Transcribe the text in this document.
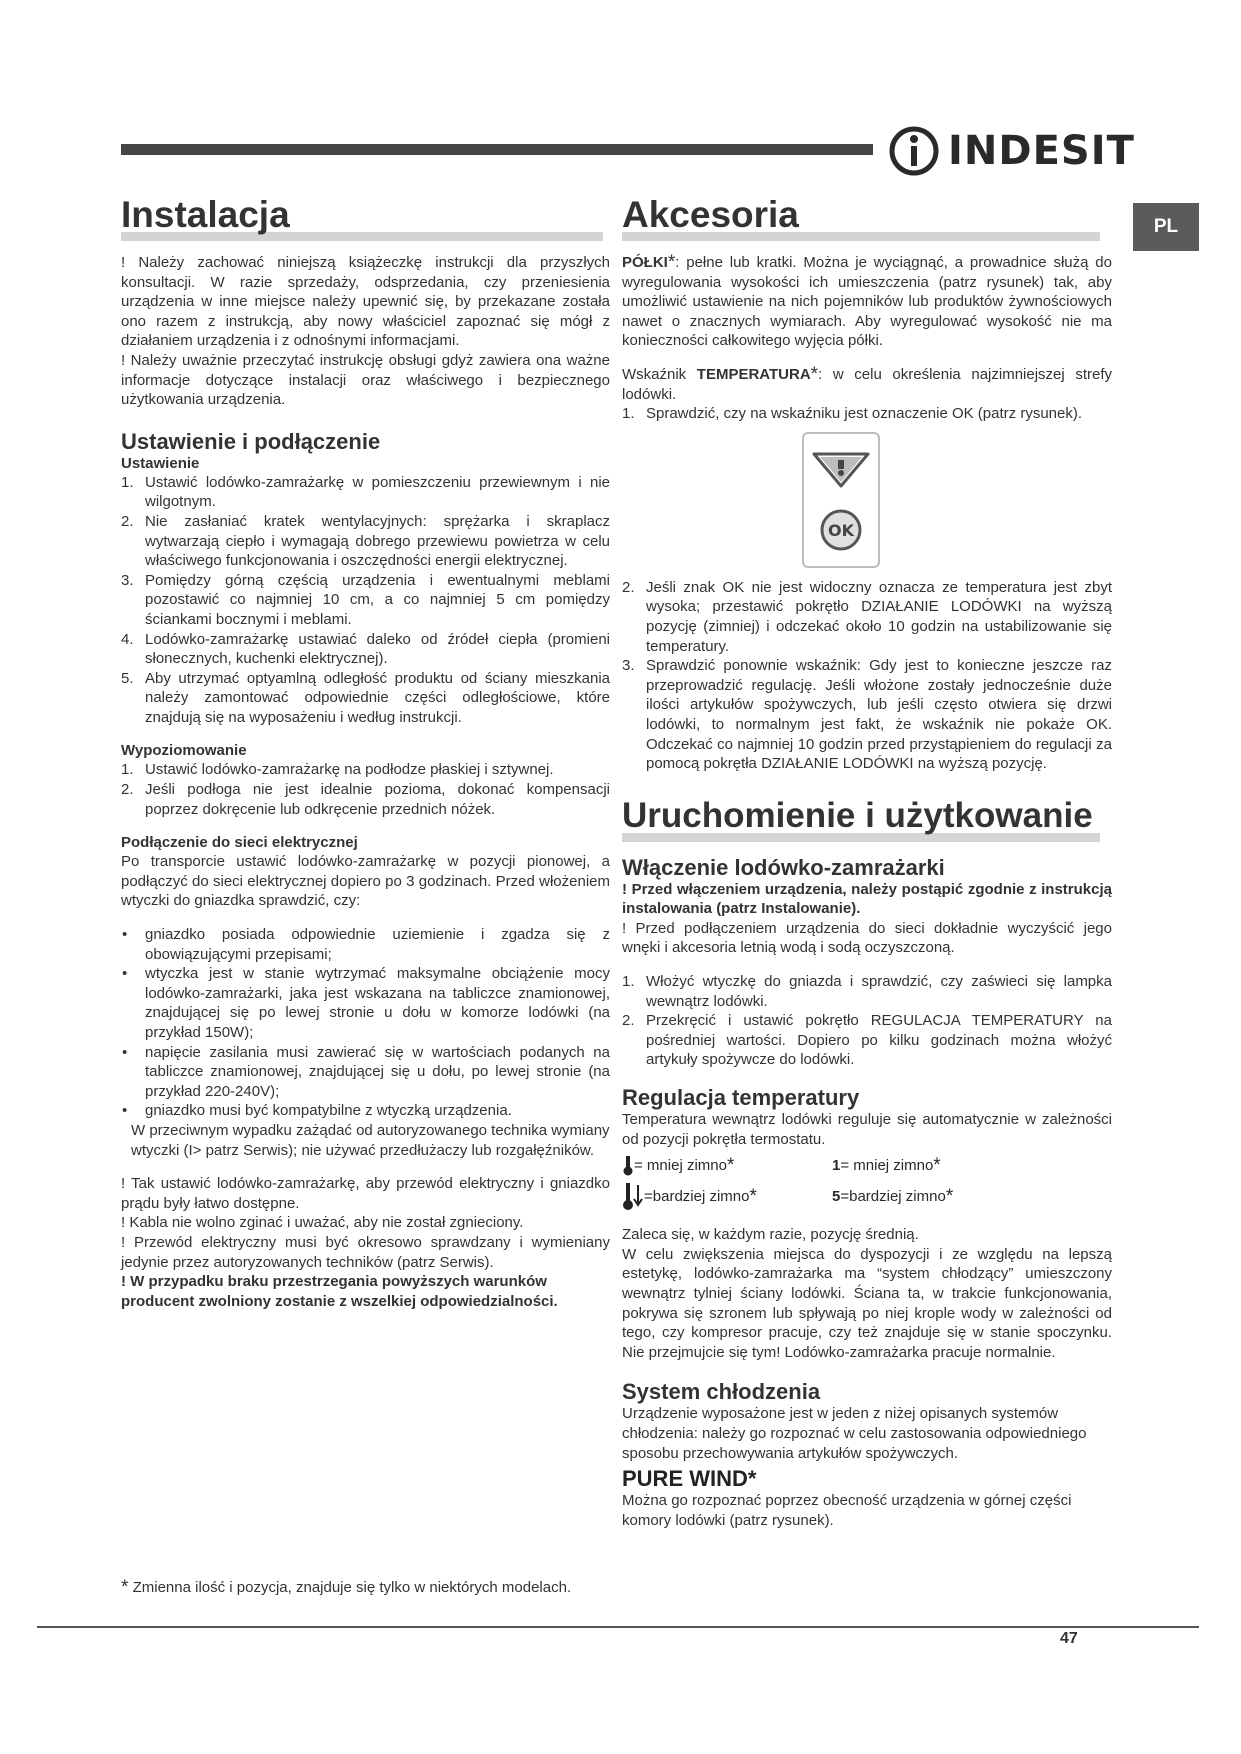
INDESIT
PL
Instalacja

! Należy zachować niniejszą książeczkę instrukcji dla przyszłych konsultacji. W razie sprzedaży, odsprzedania, czy przeniesienia urządzenia w inne miejsce należy upewnić się, by przekazane została ono razem z instrukcją, aby nowy właściciel zapoznać się mógł z działaniem urządzenia i z odnośnymi informacjami.

! Należy uważnie przeczytać instrukcję obsługi gdyż zawiera ona ważne informacje dotyczące instalacji oraz właściwego i bezpiecznego użytkowania urządzenia.

Ustawienie i podłączenie
Ustawienie
1. Ustawić lodówko-zamrażarkę w pomieszczeniu przewiewnym i nie wilgotnym.
2. Nie zasłaniać kratek wentylacyjnych: sprężarka i skraplacz wytwarzają ciepło i wymagają dobrego przewiewu powietrza w celu właściwego funkcjonowania i oszczędności energii elektrycznej.
3. Pomiędzy górną częścią urządzenia i ewentualnymi meblami pozostawić co najmniej 10 cm, a co najmniej 5 cm pomiędzy ściankami bocznymi i meblami.
4. Lodówko-zamrażarkę ustawiać daleko od źródeł ciepła (promieni słonecznych, kuchenki elektrycznej).
5. Aby utrzymać optyamlną odległość produktu od ściany mieszkania należy zamontować odpowiednie części odległościowe, które znajdują się na wyposażeniu i według instrukcji.
Wypoziomowanie
1. Ustawić lodówko-zamrażarkę na podłodze płaskiej i sztywnej.
2. Jeśli podłoga nie jest idealnie pozioma, dokonać kompensacji poprzez dokręcenie lub odkręcenie przednich nóżek.
Podłączenie do sieci elektrycznej

Po transporcie ustawić lodówko-zamrażarkę w pozycji pionowej, a podłączyć do sieci elektrycznej dopiero po 3 godzinach. Przed włożeniem wtyczki do gniazdka sprawdzić, czy:

•	gniazdko posiada odpowiednie uziemienie i zgadza się z obowiązującymi przepisami;
•	wtyczka jest w stanie wytrzymać maksymalne obciążenie mocy lodówko-zamrażarki, jaka jest wskazana na tabliczce znamionowej, znajdującej się po lewej stronie u dołu w komorze lodówki (na przykład 150W);
•	napięcie zasilania musi zawierać się w wartościach podanych na tabliczce znamionowej, znajdującej się u dołu, po lewej stronie (na przykład 220-240V);
•	gniazdko musi być kompatybilne z wtyczką urządzenia.

W przeciwnym wypadku zażądać od autoryzowanego technika wymiany wtyczki (I> patrz Serwis); nie używać przedłużaczy lub rozgałęźników.

! Tak ustawić lodówko-zamrażarkę, aby przewód elektryczny i gniazdko prądu były łatwo dostępne.

! Kabla nie wolno zginać i uważać, aby nie został zgnieciony.

! Przewód elektryczny musi być okresowo sprawdzany i wymieniany jedynie przez autoryzowanych techników (patrz Serwis).

! W przypadku braku przestrzegania powyższych warunków producent zwolniony zostanie z wszelkiej odpowiedzialności.

Akcesoria

PÓŁKI*: pełne lub kratki. Można je wyciągnąć, a prowadnice służą do wyregulowania wysokości ich umieszczenia (patrz rysunek) tak, aby umożliwić ustawienie na nich pojemników lub produktów żywnościowych nawet o znacznych wymiarach. Aby wyregulować wysokość nie ma konieczności całkowitego wyjęcia półki.

Wskaźnik TEMPERATURA*: w celu określenia najzimniejszej strefy lodówki.

1. Sprawdzić, czy na wskaźniku jest oznaczenie OK (patrz rysunek).
OK
2. Jeśli znak OK nie jest widoczny oznacza ze temperatura jest zbyt wysoka; przestawić pokrętło DZIAŁANIE LODÓWKI na wyższą pozycję (zimniej) i odczekać około 10 godzin na ustabilizowanie się temperatury.
3. Sprawdzić ponownie wskaźnik: Gdy jest to konieczne jeszcze raz przeprowadzić regulację. Jeśli włożone zostały jednocześnie duże ilości artykułów spożywczych, lub jeśli często otwiera się drzwi lodówki, to normalnym jest fakt, że wskaźnik nie pokaże OK. Odczekać co najmniej 10 godzin przed przystąpieniem do regulacji za pomocą pokrętła DZIAŁANIE LODÓWKI na wyższą pozycję.
Uruchomienie i użytkowanie
Włączenie lodówko-zamrażarki

! Przed włączeniem urządzenia, należy postąpić zgodnie z instrukcją instalowania (patrz Instalowanie).

! Przed podłączeniem urządzenia do sieci dokładnie wyczyścić jego wnęki i akcesoria letnią wodą i sodą oczyszczoną.

1. Włożyć wtyczkę do gniazda i sprawdzić, czy zaświeci się lampka wewnątrz lodówki.
2. Przekręcić i ustawić pokrętło REGULACJA TEMPERATURY na pośredniej wartości. Dopiero po kilku godzinach można włożyć artykuły spożywcze do lodówki.
Regulacja temperatury

Temperatura wewnątrz lodówki reguluje się automatycznie w zależności od pozycji pokrętła termostatu.

= mniej zimno *	1 = mniej zimno *
=bardziej zimno *	5 =bardziej zimno *

Zaleca się, w każdym razie, pozycję średnią.

W celu zwiększenia miejsca do dyspozycji i ze względu na lepszą estetykę, lodówko-zamrażarka ma “system chłodzący” umieszczony wewnątrz tylniej ściany lodówki. Ściana ta, w trakcie funkcjonowania, pokrywa się szronem lub spływają po niej krople wody w zależności od tego, czy kompresor pracuje, czy też znajduje się w stanie spoczynku. Nie przejmujcie się tym! Lodówko-zamrażarka pracuje normalnie.

System chłodzenia

Urządzenie wyposażone jest w jeden z niżej opisanych systemów chłodzenia: należy go rozpoznać w celu zastosowania odpowiedniego sposobu przechowywania artykułów spożywczych.

PURE WIND*

Można go rozpoznać poprzez obecność urządzenia w górnej części komory lodówki (patrz rysunek).

* Zmienna ilość i pozycja, znajduje się tylko w niektórych modelach.
47
